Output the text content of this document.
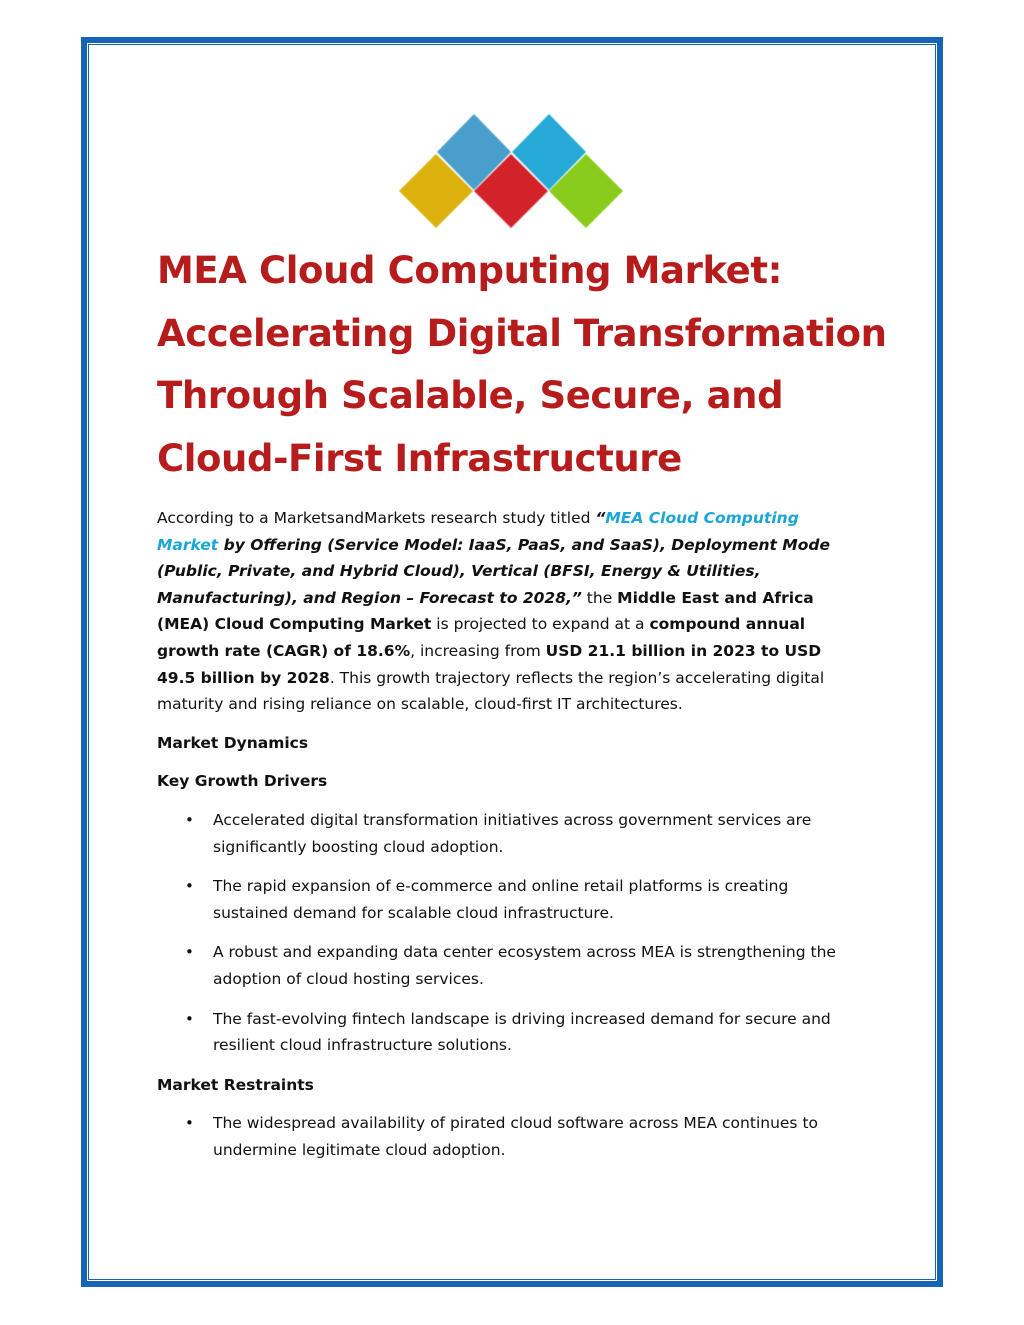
MEA Cloud Computing Market:
Accelerating Digital Transformation
Through Scalable, Secure, and
Cloud-First Infrastructure

According to a MarketsandMarkets research study titled “MEA Cloud Computing Market by Offering (Service Model: IaaS, PaaS, and SaaS), Deployment Mode (Public, Private, and Hybrid Cloud), Vertical (BFSI, Energy & Utilities, Manufacturing), and Region – Forecast to 2028,” the Middle East and Africa (MEA) Cloud Computing Market is projected to expand at a compound annual growth rate (CAGR) of 18.6%, increasing from USD 21.1 billion in 2023 to USD 49.5 billion by 2028. This growth trajectory reflects the region’s accelerating digital maturity and rising reliance on scalable, cloud-first IT architectures.

Market Dynamics

Key Growth Drivers

• Accelerated digital transformation initiatives across government services are significantly boosting cloud adoption.
• The rapid expansion of e-commerce and online retail platforms is creating sustained demand for scalable cloud infrastructure.
• A robust and expanding data center ecosystem across MEA is strengthening the adoption of cloud hosting services.
• The fast-evolving fintech landscape is driving increased demand for secure and resilient cloud infrastructure solutions.

Market Restraints

• The widespread availability of pirated cloud software across MEA continues to undermine legitimate cloud adoption.
